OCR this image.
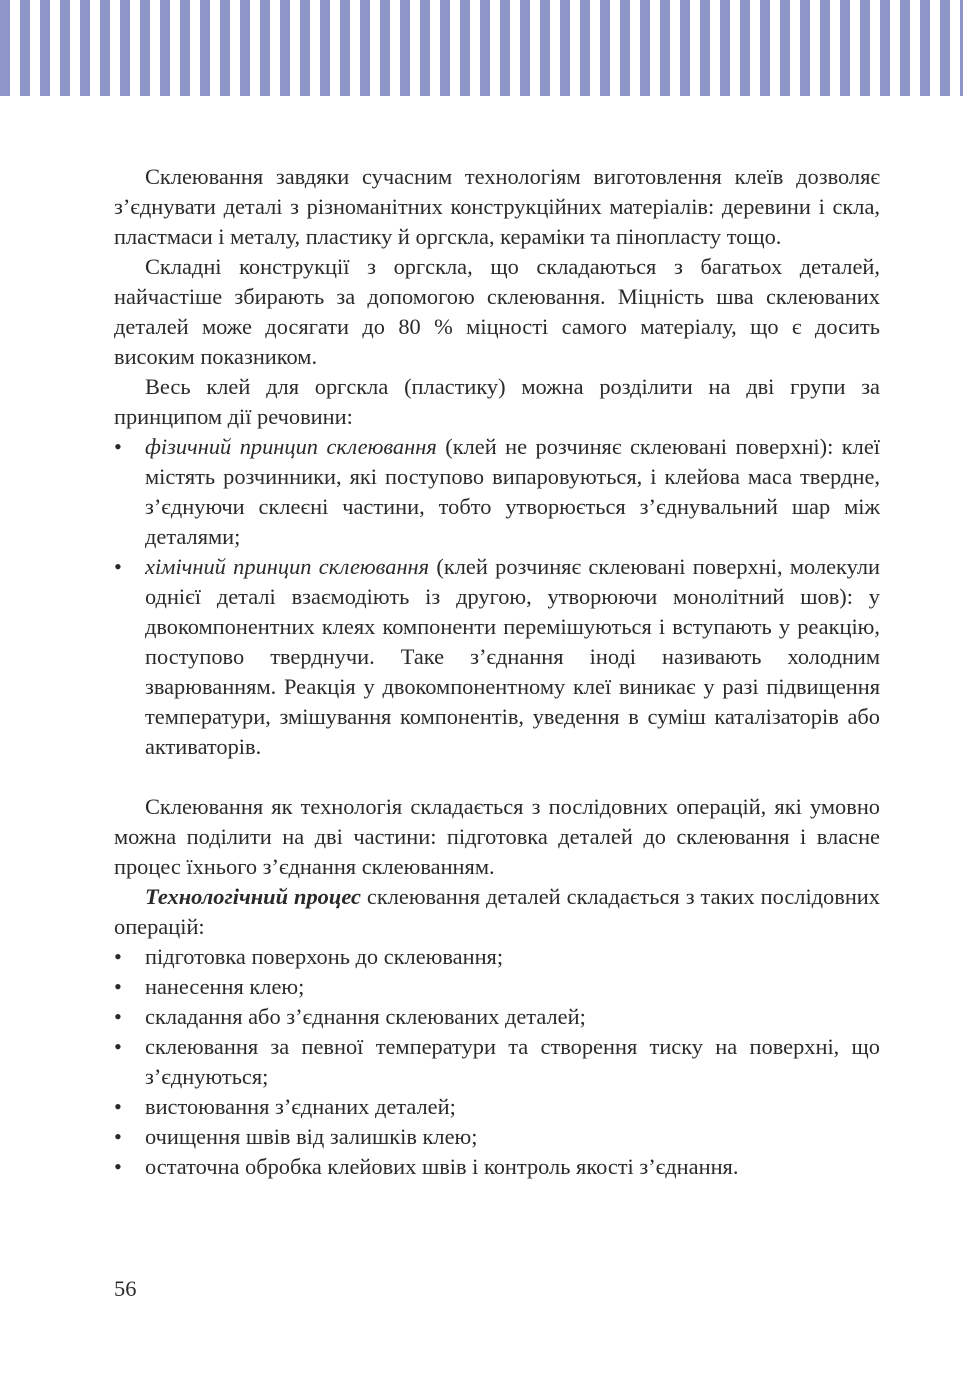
Склеювання завдяки сучасним технологіям виготовлення клеїв дозволяє з’єднувати деталі з різноманітних конструкційних матеріалів: деревини і скла, пластмаси і металу, пластику й оргскла, кераміки та пінопласту тощо.

Складні конструкції з оргскла, що складаються з багатьох деталей, найчастіше збирають за допомогою склеювання. Міцність шва склеюваних деталей може досягати до 80 % міцності самого матеріалу, що є досить високим показником.

Весь клей для оргскла (пластику) можна розділити на дві групи за принципом дії речовини:

• фізичний принцип склеювання (клей не розчиняє склеювані поверхні): клеї містять розчинники, які поступово випаровуються, і клейова маса твердне, з’єднуючи склеєні частини, тобто утворюється з’єднувальний шар між деталями;
• хімічний принцип склеювання (клей розчиняє склеювані поверхні, молекули однієї деталі взаємодіють із другою, утворюючи монолітний шов): у двокомпонентних клеях компоненти перемішуються і вступають у реакцію, поступово тверднучи. Таке з’єднання іноді називають холодним зварюванням. Реакція у двокомпонентному клеї виникає у разі підвищення температури, змішування компонентів, уведення в суміш каталізаторів або активаторів.

Склеювання як технологія складається з послідовних операцій, які умовно можна поділити на дві частини: підготовка деталей до склеювання і власне процес їхнього з’єднання склеюванням.

Технологічний процес склеювання деталей складається з таких послідовних операцій:

• підготовка поверхонь до склеювання;
• нанесення клею;
• складання або з’єднання склеюваних деталей;
• склеювання за певної температури та створення тиску на поверхні, що з’єднуються;
• вистоювання з’єднаних деталей;
• очищення швів від залишків клею;
• остаточна обробка клейових швів і контроль якості з’єднання.
56
